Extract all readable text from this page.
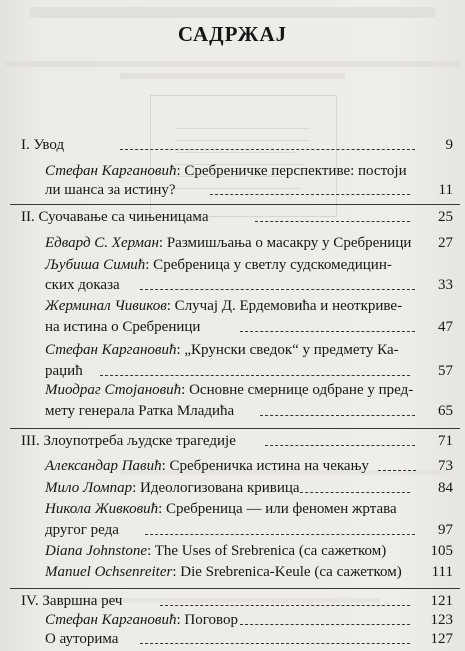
САДРЖАЈ
I. Увод	9
Стефан Каргановић: Сребреничке перспективе: постоји
ли шанса за истину?	11
II. Суочавање са чињеницама	25
Едвард С. Херман: Размишљања о масакру у Сребреници 27
Љубиша Симић: Сребреница у светлу судскомедицин-
ских доказа	33
Жерминал Чивиков: Случај Д. Ердемовића и неоткриве-
на истина о Сребреници	47
Стефан Каргановић: „Крунски сведок“ у предмету Ка-
раџић	57
Миодраг Стојановић: Основне смернице одбране у пред-
мету генерала Ратка Младића	65
III. Злоупотреба људске трагедије	71
Александар Павић: Сребреничка истина на чекању	73
Мило Ломпар: Идеологизована кривица	84
Никола Живковић: Сребреница — или феномен жртава
другог реда	97
Diana Johnstone: The Uses of Srebrenica (са сажетком)	105
Manuel Ochsenreiter: Die Srebrenica-Keule (са сажетком) 111
IV. Завршна реч	121
Стефан Каргановић: Поговор	123
О ауторима	127
